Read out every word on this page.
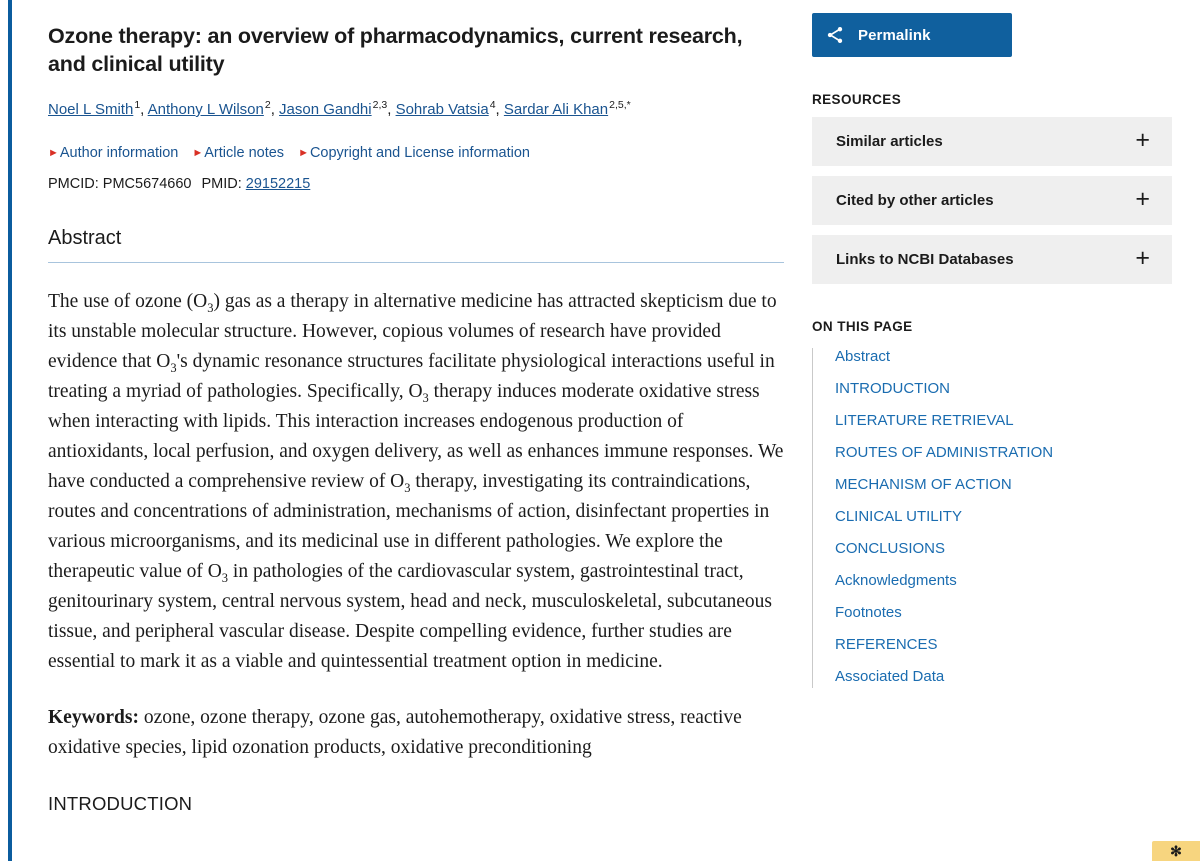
Ozone therapy: an overview of pharmacodynamics, current research, and clinical utility
Noel L Smith$^1$, Anthony L Wilson$^2$, Jason Gandhi$^{2,3}$, Sohrab Vatsia$^4$, Sardar Ali Khan$^{2,5,*}$
►Author information ►Article notes ►Copyright and License information
PMCID: PMC5674660 PMID: 29152215
Abstract

The use of ozone $(O_3)$ gas as a therapy in alternative medicine has attracted skepticism due to its unstable molecular structure. However, copious volumes of research have provided evidence that $O_3's$ dynamic resonance structures facilitate physiological interactions useful in treating a myriad of pathologies. Specifically, $O_3$ therapy induces moderate oxidative stress when interacting with lipids. This interaction increases endogenous production of antioxidants, local perfusion, and oxygen delivery, as well as enhances immune responses. We have conducted a comprehensive review of $O_3$ therapy, investigating its contraindications, routes and concentrations of administration, mechanisms of action, disinfectant properties in various microorganisms, and its medicinal use in different pathologies. We explore the therapeutic value of $O_3$ in pathologies of the cardiovascular system, gastrointestinal tract, genitourinary system, central nervous system, head and neck, musculoskeletal, subcutaneous tissue, and peripheral vascular disease. Despite compelling evidence, further studies are essential to mark it as a viable and quintessential treatment option in medicine.

Keywords: ozone, ozone therapy, ozone gas, autohemotherapy, oxidative stress, reactive oxidative species, lipid ozonation products, oxidative preconditioning

INTRODUCTION
Permalink
RESOURCES
Similar articles	+
Cited by other articles	+
Links to NCBI Databases	+
ON THIS PAGE
Abstract
INTRODUCTION
LITERATURE RETRIEVAL
ROUTES OF ADMINISTRATION
MECHANISM OF ACTION
CLINICAL UTILITY
CONCLUSIONS
Acknowledgments
Footnotes
REFERENCES
Associated Data
✻
